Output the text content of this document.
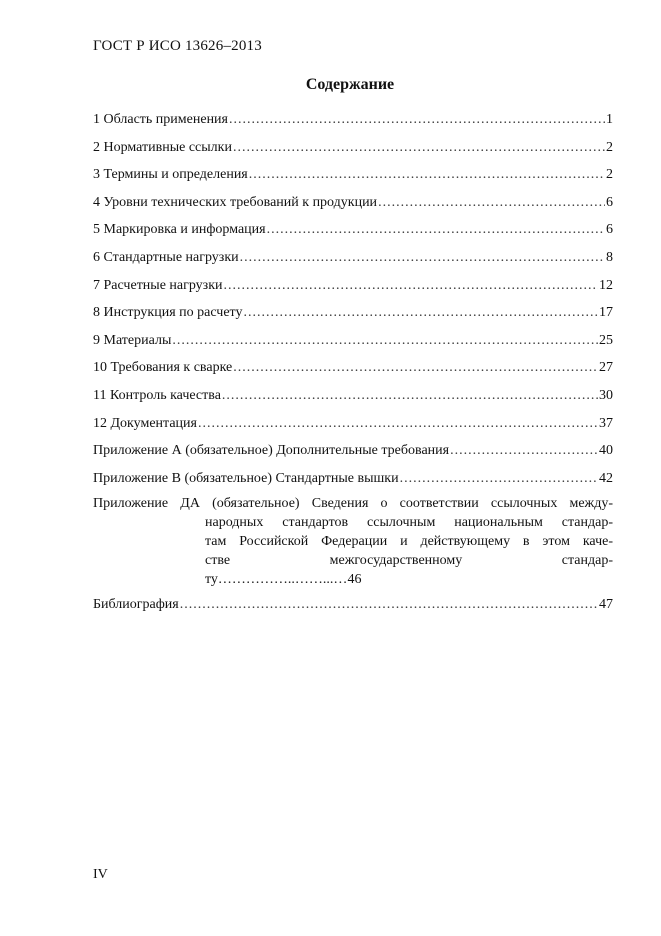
ГОСТ Р ИСО 13626–2013
Содержание
1 Область применения .....	1
2 Нормативные ссылки .....	2
3 Термины и определения .....	2
4 Уровни технических требований к продукции .....	6
5 Маркировка и информация .....	6
6 Стандартные нагрузки .....	8
7 Расчетные нагрузки .....	12
8 Инструкция по расчету .....	17
9 Материалы .....	25
10 Требования к сварке .....	27
11 Контроль качества .....	30
12 Документация .....	37
Приложение А (обязательное) Дополнительные требования .....	40
Приложение В (обязательное) Стандартные вышки .....	42
Приложение ДА (обязательное) Сведения о соответствии ссылочных между-
народных стандартов ссылочным национальным стандар-
там Российской Федерации и действующему в этом каче-
стве межгосударственному стандар-
ту……………..……...…46
Библиография .....	47
IV
